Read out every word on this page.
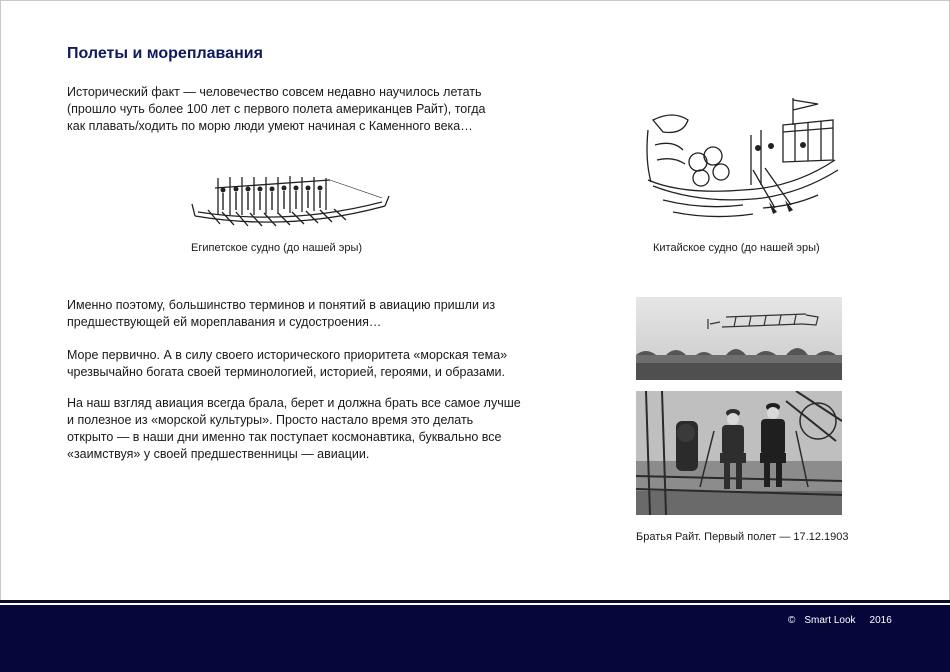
Полеты и мореплавания
Исторический факт — человечество совсем недавно научилось летать
(прошло чуть более 100 лет с первого полета американцев Райт), тогда
как плавать/ходить по морю люди умеют начиная с Каменного века…
Египетское судно (до нашей эры)	Китайское судно (до нашей эры)
Именно поэтому, большинство терминов и понятий в авиацию пришли из
предшествующей ей мореплавания и судостроения…
Море первично. А в силу своего исторического приоритета «морская тема»
чрезвычайно богата своей терминологией, историей, героями, и образами.
На наш взгляд авиация всегда брала, берет и должна брать все самое лучше
и полезное из «морской культуры». Просто настало время это делать
открыто — в наши дни именно так поступает космонавтика, буквально все
«заимствуя» у своей предшественницы — авиации.
Братья Райт. Первый полет — 17.12.1903
© Smart Look 2016
